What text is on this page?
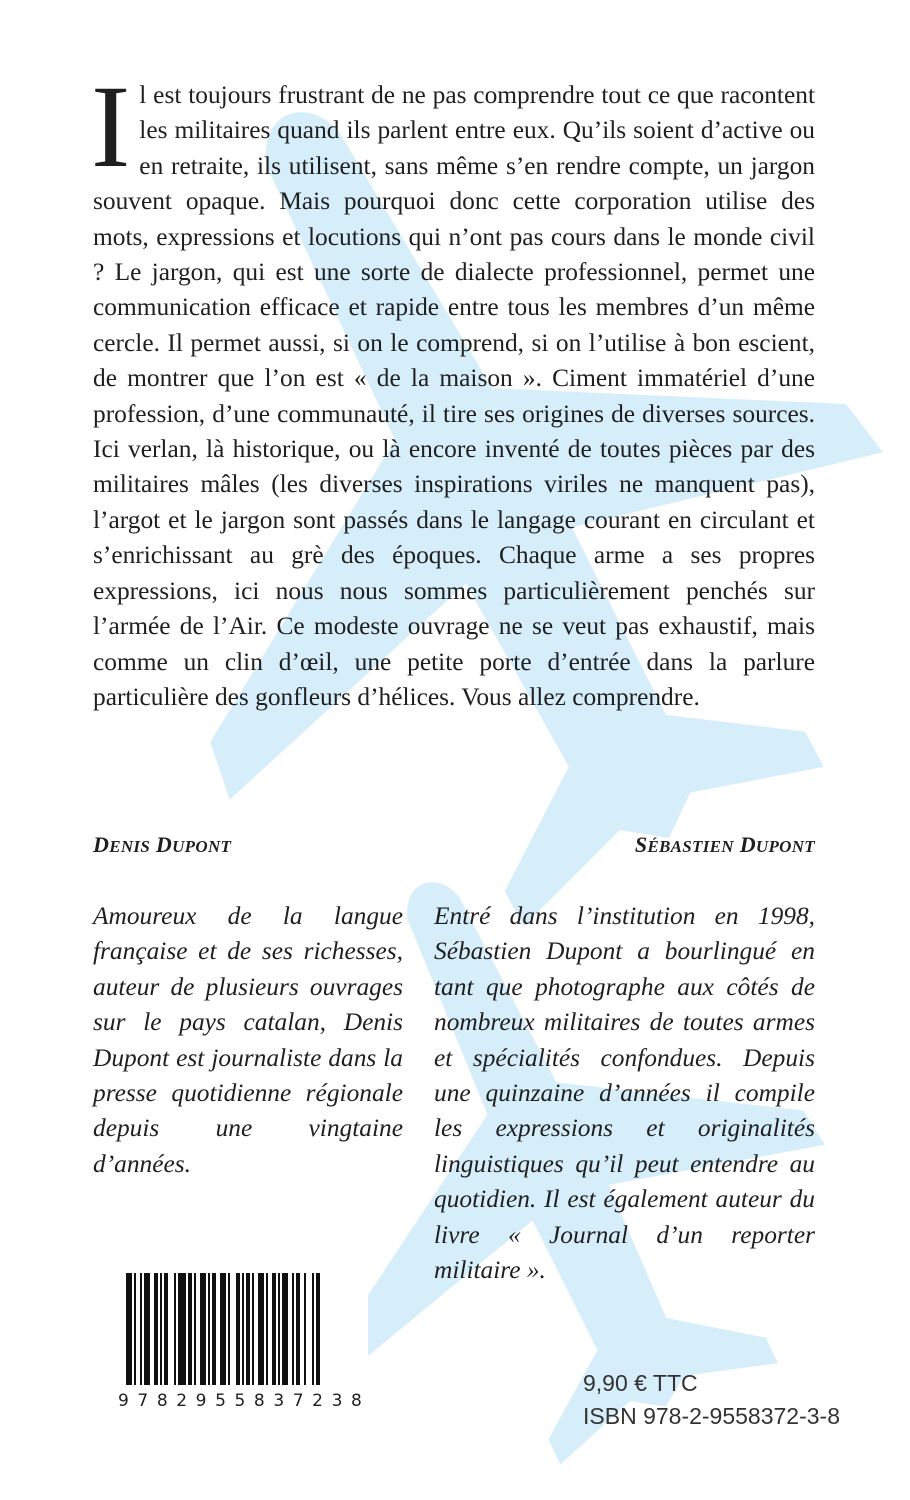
Il est toujours frustrant de ne pas comprendre tout ce que racontent les militaires quand ils parlent entre eux. Qu’ils soient d’active ou en retraite, ils utilisent, sans même s’en rendre compte, un jargon souvent opaque. Mais pourquoi donc cette corporation utilise des mots, expressions et locutions qui n’ont pas cours dans le monde civil ? Le jargon, qui est une sorte de dialecte professionnel, permet une communication efficace et rapide entre tous les membres d’un même cercle. Il permet aussi, si on le comprend, si on l’utilise à bon escient, de montrer que l’on est « de la maison ». Ciment immatériel d’une profession, d’une communauté, il tire ses origines de diverses sources. Ici verlan, là historique, ou là encore inventé de toutes pièces par des militaires mâles (les diverses inspirations viriles ne manquent pas), l’argot et le jargon sont passés dans le langage courant en circulant et s’enrichissant au grè des époques. Chaque arme a ses propres expressions, ici nous nous sommes particulièrement penchés sur l’armée de l’Air. Ce modeste ouvrage ne se veut pas exhaustif, mais comme un clin d’œil, une petite porte d’entrée dans la parlure particulière des gonfleurs d’hélices. Vous allez comprendre.

DENIS DUPONT	SÉBASTIEN DUPONT

Amoureux de la langue française et de ses richesses, auteur de plusieurs ouvrages sur le pays catalan, Denis Dupont est journaliste dans la presse quotidienne régionale depuis une vingtaine d’années.

Entré dans l’institution en 1998, Sébastien Dupont a bourlingué en tant que photographe aux côtés de nombreux militaires de toutes armes et spécialités confondues. Depuis une quinzaine d’années il compile les expressions et originalités linguistiques qu’il peut entendre au quotidien. Il est également auteur du livre « Journal d’un reporter militaire ».

9782955837238

9,90 € TTC
ISBN 978-2-9558372-3-8
